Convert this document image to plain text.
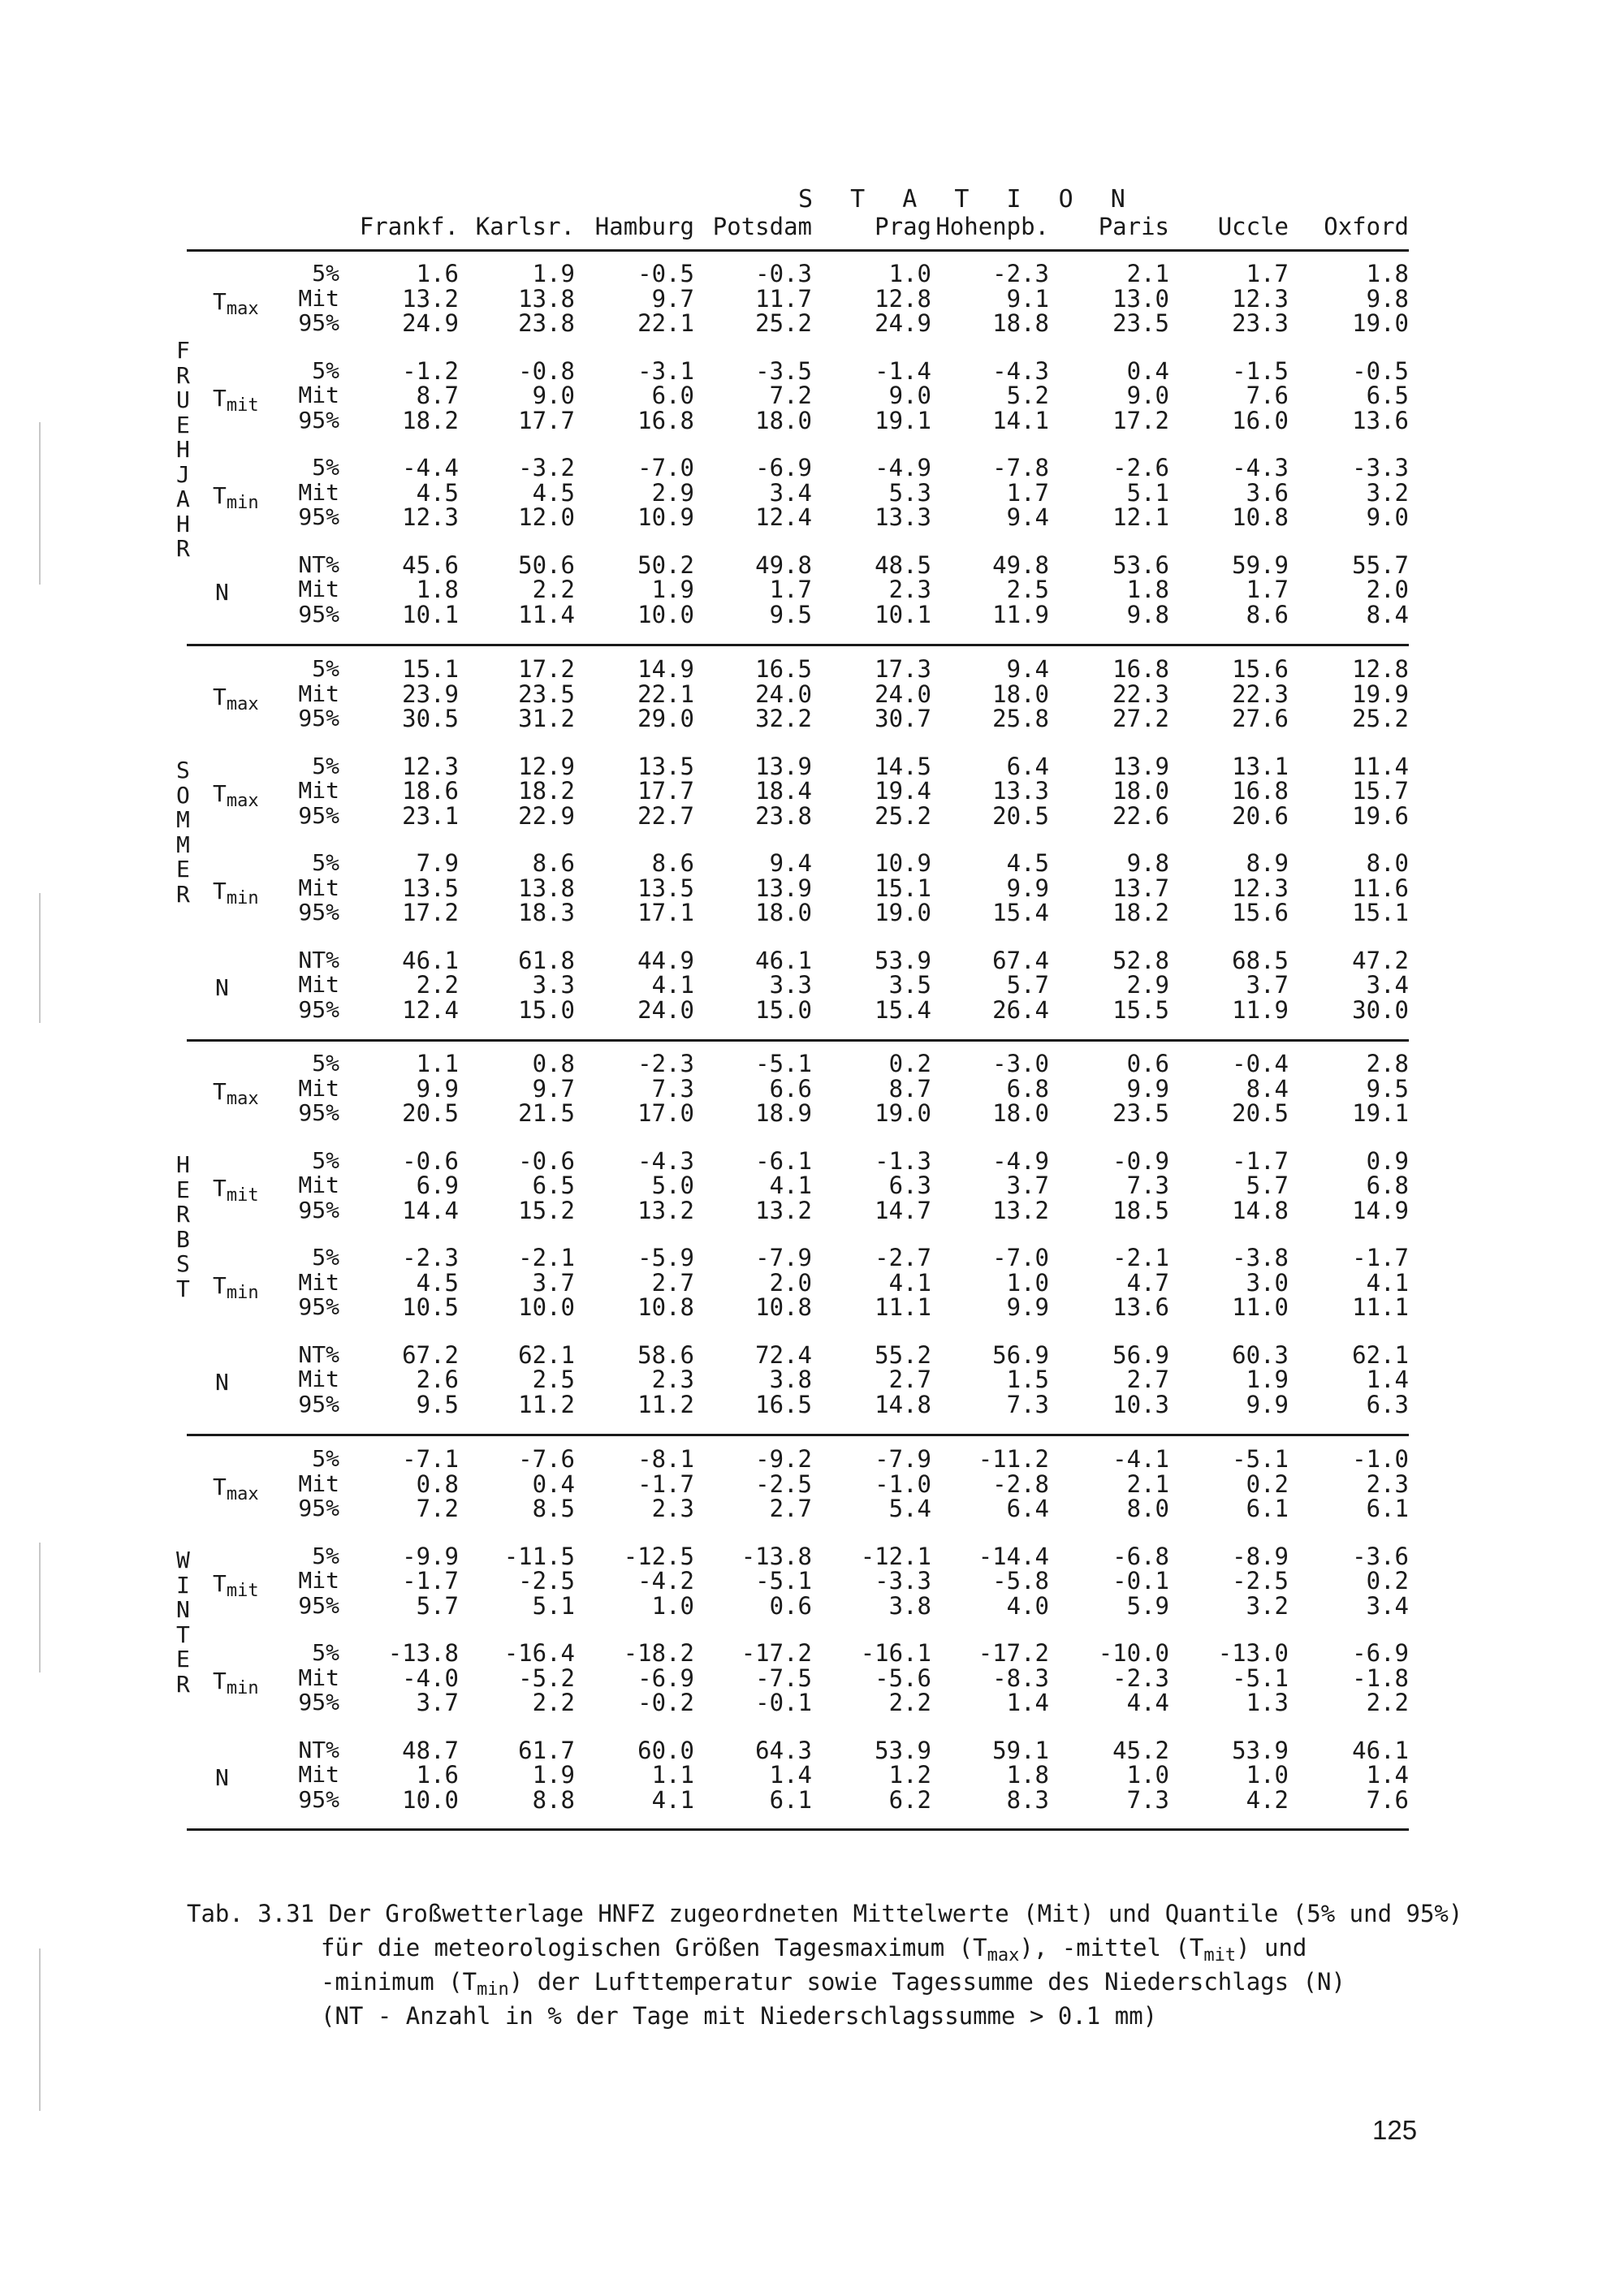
S T A T I O N
Frankf. Karlsr. Hamburg Potsdam	Prag Hohenpb.	Paris	Uccle	Oxford
F
R
U
E
H
J
A
H
R
$T_{max}$
5%	1.6	1.9	-0.5	-0.3	1.0	-2.3	2.1	1.7	1.8
Mit	13.2	13.8	9.7	11.7	12.8	9.1	13.0	12.3	9.8
95%	24.9	23.8	22.1	25.2	24.9	18.8	23.5	23.3	19.0
$T_{mit}$
5%	-1.2	-0.8	-3.1	-3.5	-1.4	-4.3	0.4	-1.5	-0.5
Mit	8.7	9.0	6.0	7.2	9.0	5.2	9.0	7.6	6.5
95%	18.2	17.7	16.8	18.0	19.1	14.1	17.2	16.0	13.6
$T_{min}$
5%	-4.4	-3.2	-7.0	-6.9	-4.9	-7.8	-2.6	-4.3	-3.3
Mit	4.5	4.5	2.9	3.4	5.3	1.7	5.1	3.6	3.2
95%	12.3	12.0	10.9	12.4	13.3	9.4	12.1	10.8	9.0
N
NT%	45.6	50.6	50.2	49.8	48.5	49.8	53.6	59.9	55.7
Mit	1.8	2.2	1.9	1.7	2.3	2.5	1.8	1.7	2.0
95%	10.1	11.4	10.0	9.5	10.1	11.9	9.8	8.6	8.4
S
O
M
M
E
R
$T_{max}$
5%	15.1	17.2	14.9	16.5	17.3	9.4	16.8	15.6	12.8
Mit	23.9	23.5	22.1	24.0	24.0	18.0	22.3	22.3	19.9
95%	30.5	31.2	29.0	32.2	30.7	25.8	27.2	27.6	25.2
$T_{max}$
5%	12.3	12.9	13.5	13.9	14.5	6.4	13.9	13.1	11.4
Mit	18.6	18.2	17.7	18.4	19.4	13.3	18.0	16.8	15.7
95%	23.1	22.9	22.7	23.8	25.2	20.5	22.6	20.6	19.6
$T_{min}$
5%	7.9	8.6	8.6	9.4	10.9	4.5	9.8	8.9	8.0
Mit	13.5	13.8	13.5	13.9	15.1	9.9	13.7	12.3	11.6
95%	17.2	18.3	17.1	18.0	19.0	15.4	18.2	15.6	15.1
N
NT%	46.1	61.8	44.9	46.1	53.9	67.4	52.8	68.5	47.2
Mit	2.2	3.3	4.1	3.3	3.5	5.7	2.9	3.7	3.4
95%	12.4	15.0	24.0	15.0	15.4	26.4	15.5	11.9	30.0
H
E
R
B
S
T
$T_{max}$
5%	1.1	0.8	-2.3	-5.1	0.2	-3.0	0.6	-0.4	2.8
Mit	9.9	9.7	7.3	6.6	8.7	6.8	9.9	8.4	9.5
95%	20.5	21.5	17.0	18.9	19.0	18.0	23.5	20.5	19.1
$T_{mit}$
5%	-0.6	-0.6	-4.3	-6.1	-1.3	-4.9	-0.9	-1.7	0.9
Mit	6.9	6.5	5.0	4.1	6.3	3.7	7.3	5.7	6.8
95%	14.4	15.2	13.2	13.2	14.7	13.2	18.5	14.8	14.9
$T_{min}$
5%	-2.3	-2.1	-5.9	-7.9	-2.7	-7.0	-2.1	-3.8	-1.7
Mit	4.5	3.7	2.7	2.0	4.1	1.0	4.7	3.0	4.1
95%	10.5	10.0	10.8	10.8	11.1	9.9	13.6	11.0	11.1
N
NT%	67.2	62.1	58.6	72.4	55.2	56.9	56.9	60.3	62.1
Mit	2.6	2.5	2.3	3.8	2.7	1.5	2.7	1.9	1.4
95%	9.5	11.2	11.2	16.5	14.8	7.3	10.3	9.9	6.3
W
I
N
T
E
R
$T_{max}$
5%	-7.1	-7.6	-8.1	-9.2	-7.9	-11.2	-4.1	-5.1	-1.0
Mit	0.8	0.4	-1.7	-2.5	-1.0	-2.8	2.1	0.2	2.3
95%	7.2	8.5	2.3	2.7	5.4	6.4	8.0	6.1	6.1
$T_{mit}$
5%	-9.9	-11.5	-12.5	-13.8	-12.1	-14.4	-6.8	-8.9	-3.6
Mit	-1.7	-2.5	-4.2	-5.1	-3.3	-5.8	-0.1	-2.5	0.2
95%	5.7	5.1	1.0	0.6	3.8	4.0	5.9	3.2	3.4
$T_{min}$
5%	-13.8	-16.4	-18.2	-17.2	-16.1	-17.2	-10.0	-13.0	-6.9
Mit	-4.0	-5.2	-6.9	-7.5	-5.6	-8.3	-2.3	-5.1	-1.8
95%	3.7	2.2	-0.2	-0.1	2.2	1.4	4.4	1.3	2.2
N
NT%	48.7	61.7	60.0	64.3	53.9	59.1	45.2	53.9	46.1
Mit	1.6	1.9	1.1	1.4	1.2	1.8	1.0	1.0	1.4
95%	10.0	8.8	4.1	6.1	6.2	8.3	7.3	4.2	7.6
Tab. 3.31 Der Großwetterlage HNFZ zugeordneten Mittelwerte (Mit) und Quantile (5% und 95%)
für die meteorologischen Größen Tagesmaximum $(T_{max})$, -mittel $(T_{mit})$ und
-minimum $(T_{min})$ der Lufttemperatur sowie Tagessumme des Niederschlags (N)
(NT - Anzahl in % der Tage mit Niederschlagssumme > 0.1 mm)
125
